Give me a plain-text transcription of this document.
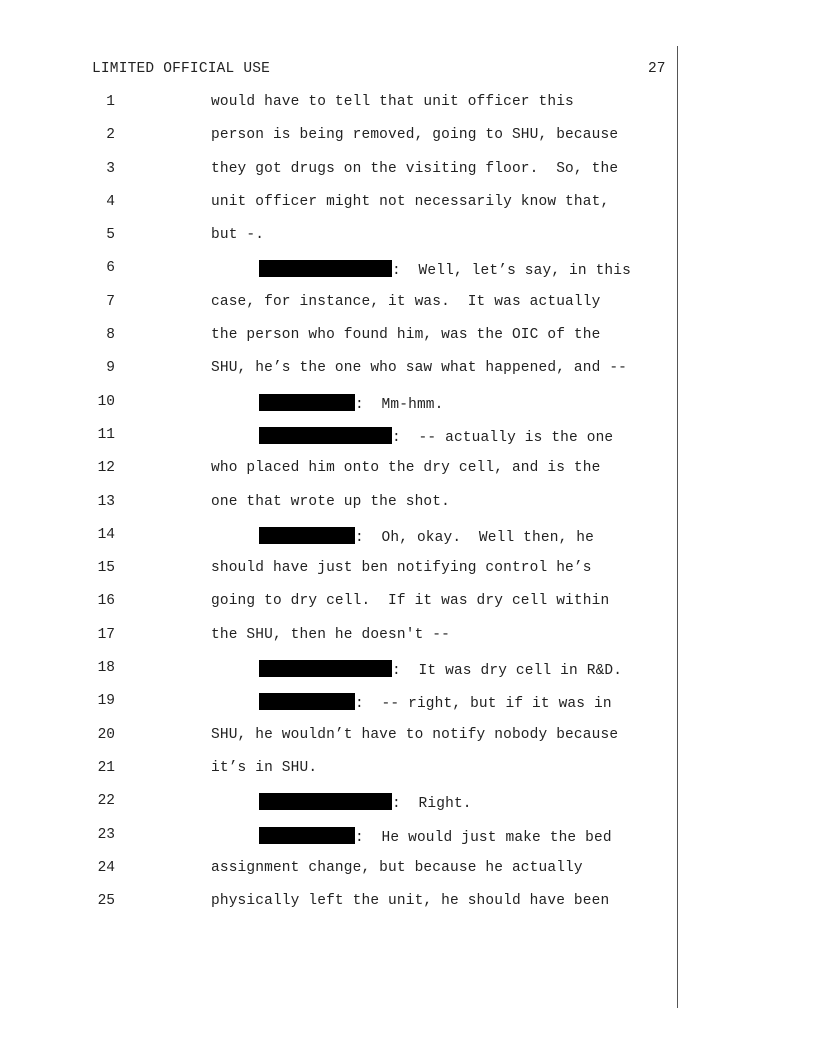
LIMITED OFFICIAL USE	27
1	would have to tell that unit officer this
2	person is being removed, going to SHU, because
3	they got drugs on the visiting floor.  So, the
4	unit officer might not necessarily know that,
5	but -.
6	:  Well, let’s say, in this
7	case, for instance, it was.  It was actually
8	the person who found him, was the OIC of the
9	SHU, he’s the one who saw what happened, and --
10	:  Mm-hmm.
11	:  -- actually is the one
12	who placed him onto the dry cell, and is the
13	one that wrote up the shot.
14	:  Oh, okay.  Well then, he
15	should have just ben notifying control he’s
16	going to dry cell.  If it was dry cell within
17	the SHU, then he doesn't --
18	:  It was dry cell in R&D.
19	:  -- right, but if it was in
20	SHU, he wouldn’t have to notify nobody because
21	it’s in SHU.
22	:  Right.
23	:  He would just make the bed
24	assignment change, but because he actually
25	physically left the unit, he should have been
